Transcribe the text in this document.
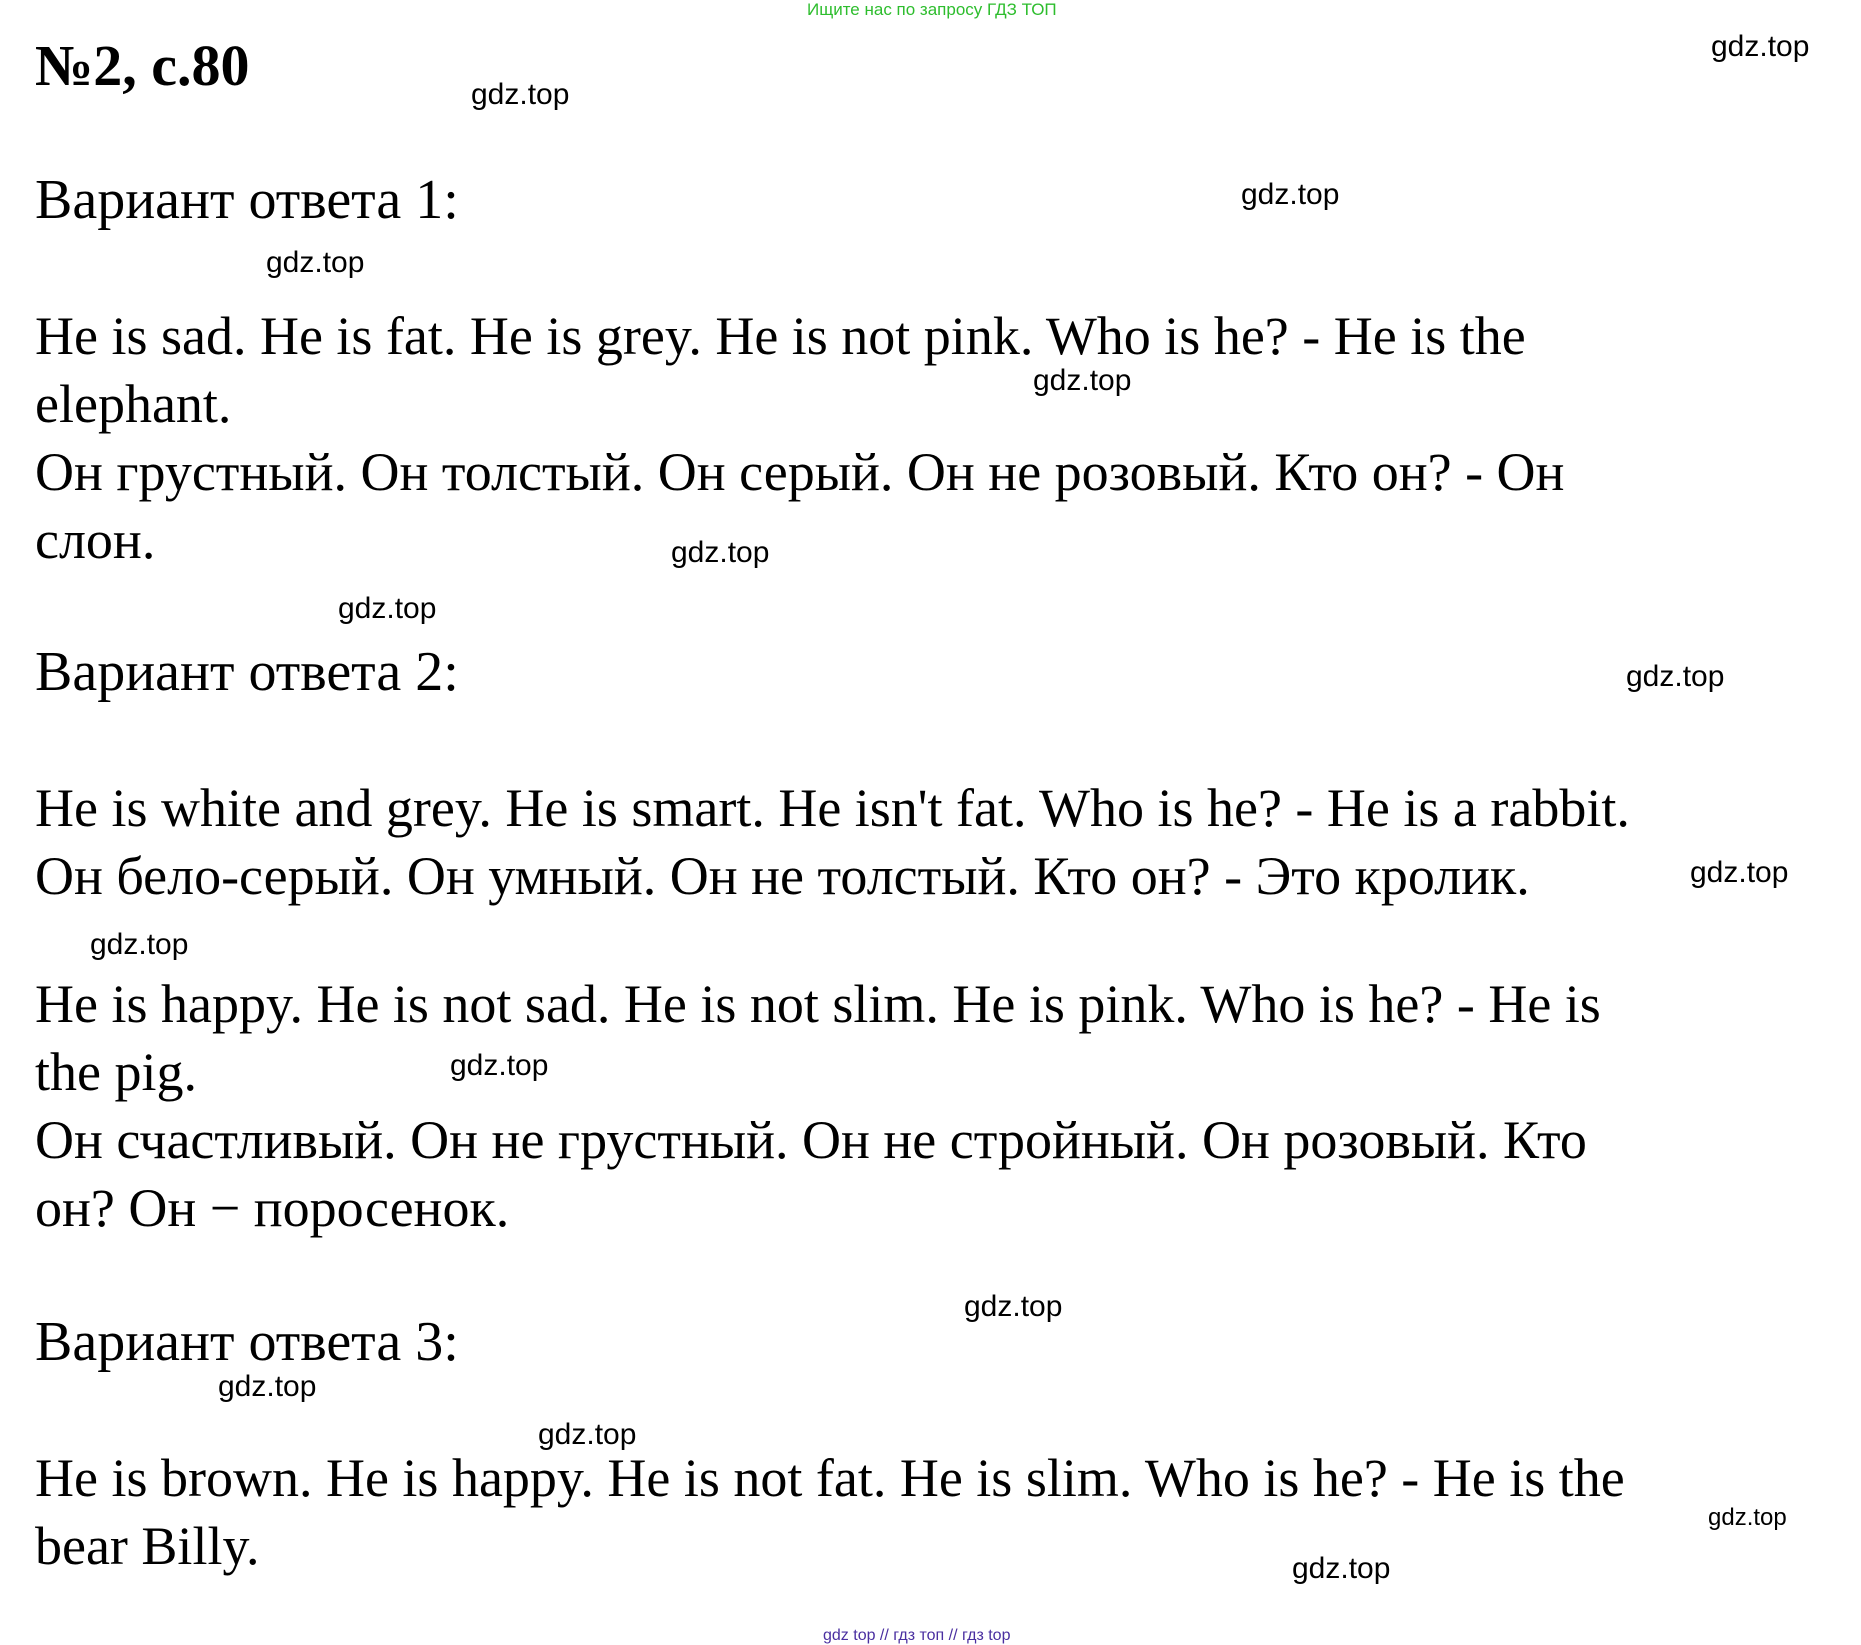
Ищите нас по запросу ГДЗ ТОП
№2, с.80
Вариант ответа 1:
He is sad. He is fat. He is grey. He is not pink. Who is he? - He is the
elephant.
Он грустный. Он толстый. Он серый. Он не розовый. Кто он? - Он
слон.
Вариант ответа 2:
He is white and grey. He is smart. He isn't fat. Who is he? - He is a rabbit.
Он бело-серый. Он умный. Он не толстый. Кто он? - Это кролик.
He is happy. He is not sad. He is not slim. He is pink. Who is he? - He is
the pig.
Он счастливый. Он не грустный. Он не стройный. Он розовый. Кто
он? Он − поросенок.
Вариант ответа 3:
He is brown. He is happy. He is not fat. He is slim. Who is he? - He is the
bear Billy.
gdz.top
gdz.top
gdz.top
gdz.top
gdz.top
gdz.top
gdz.top
gdz.top
gdz.top
gdz.top
gdz.top
gdz.top
gdz.top
gdz.top
gdz.top
gdz.top
gdz top // гдз топ // гдз top
